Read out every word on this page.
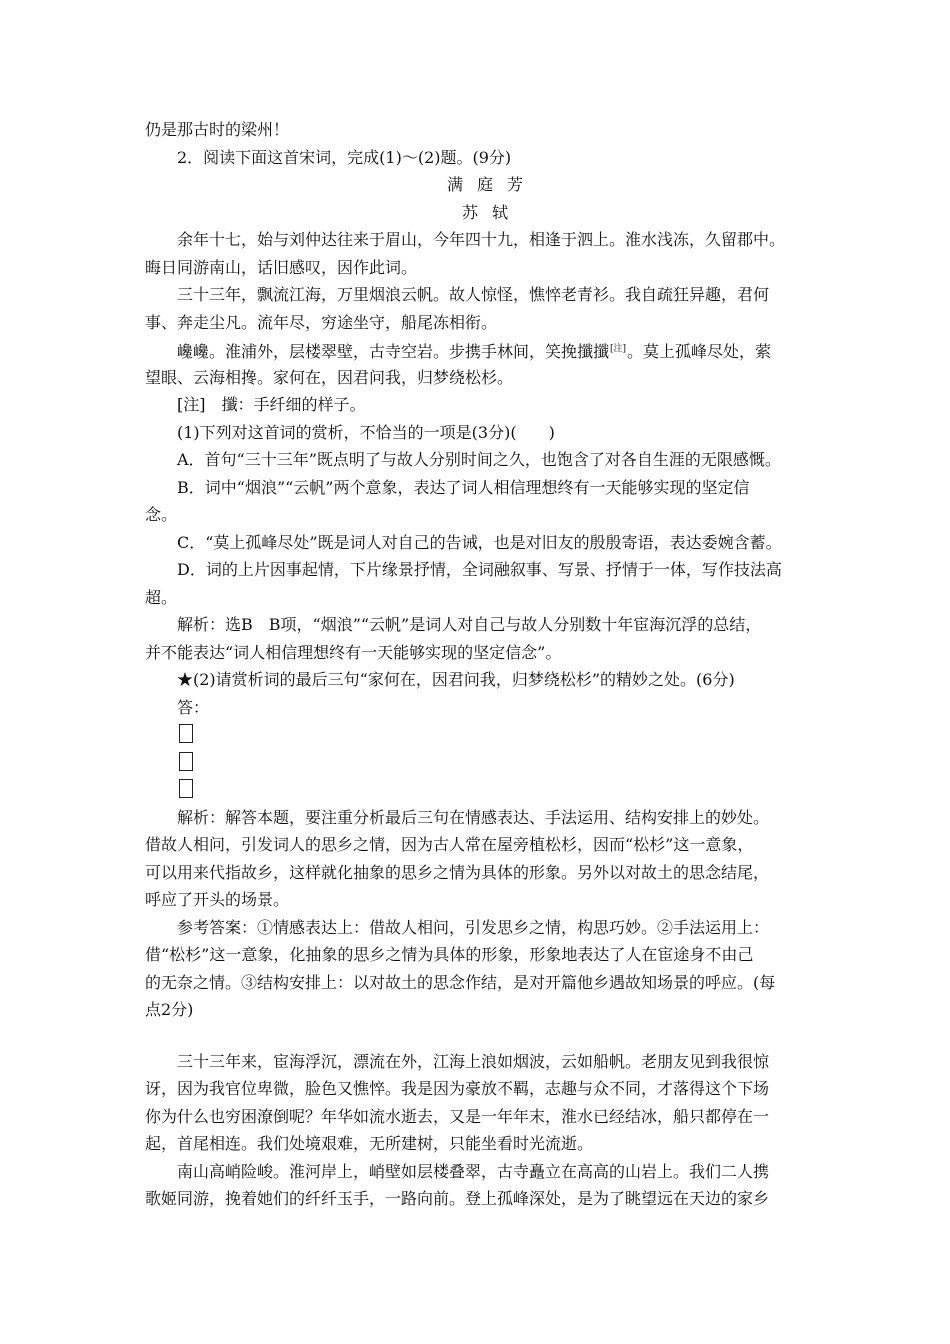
仍是那古时的梁州！
2．阅读下面这首宋词，完成(1)～(2)题。(9分)
满庭芳
苏轼
余年十七，始与刘仲达往来于眉山，今年四十九，相逢于泗上。淮水浅冻，久留郡中。
晦日同游南山，话旧感叹，因作此词。
三十三年，飘流江海，万里烟浪云帆。故人惊怪，憔悴老青衫。我自疏狂异趣，君何
事、奔走尘凡。流年尽，穷途坐守，船尾冻相衔。
巉巉。淮浦外，层楼翠壁，古寺空岩。步携手林间，笑挽攕攕[注]。莫上孤峰尽处，萦
望眼、云海相搀。家何在，因君问我，归梦绕松杉。
[注]　攕：手纤细的样子。
(1)下列对这首词的赏析，不恰当的一项是(3分)(　　)
A．首句“三十三年”既点明了与故人分别时间之久，也饱含了对各自生涯的无限感慨。
B．词中“烟浪”“云帆”两个意象，表达了词人相信理想终有一天能够实现的坚定信
念。
C．“莫上孤峰尽处”既是词人对自己的告诫，也是对旧友的殷殷寄语，表达委婉含蓄。
D．词的上片因事起情，下片缘景抒情，全词融叙事、写景、抒情于一体，写作技法高
超。
解析：选B　B项，“烟浪”“云帆”是词人对自己与故人分别数十年宦海沉浮的总结，
并不能表达“词人相信理想终有一天能够实现的坚定信念”。
★(2)请赏析词的最后三句“家何在，因君问我，归梦绕松杉”的精妙之处。(6分)
答：
解析：解答本题，要注重分析最后三句在情感表达、手法运用、结构安排上的妙处。
借故人相问，引发词人的思乡之情，因为古人常在屋旁植松杉，因而“松杉”这一意象，
可以用来代指故乡，这样就化抽象的思乡之情为具体的形象。另外以对故土的思念结尾，
呼应了开头的场景。
参考答案：①情感表达上：借故人相问，引发思乡之情，构思巧妙。②手法运用上：
借“松杉”这一意象，化抽象的思乡之情为具体的形象，形象地表达了人在宦途身不由己
的无奈之情。③结构安排上：以对故土的思念作结，是对开篇他乡遇故知场景的呼应。(每
点2分)
三十三年来，宦海浮沉，漂流在外，江海上浪如烟波，云如船帆。老朋友见到我很惊
讶，因为我官位卑微，脸色又憔悴。我是因为豪放不羁，志趣与众不同，才落得这个下场
你为什么也穷困潦倒呢？年华如流水逝去，又是一年年末，淮水已经结冰，船只都停在一
起，首尾相连。我们处境艰难，无所建树，只能坐看时光流逝。
南山高峭险峻。淮河岸上，峭壁如层楼叠翠，古寺矗立在高高的山岩上。我们二人携
歌姬同游，挽着她们的纤纤玉手，一路向前。登上孤峰深处，是为了眺望远在天边的家乡
